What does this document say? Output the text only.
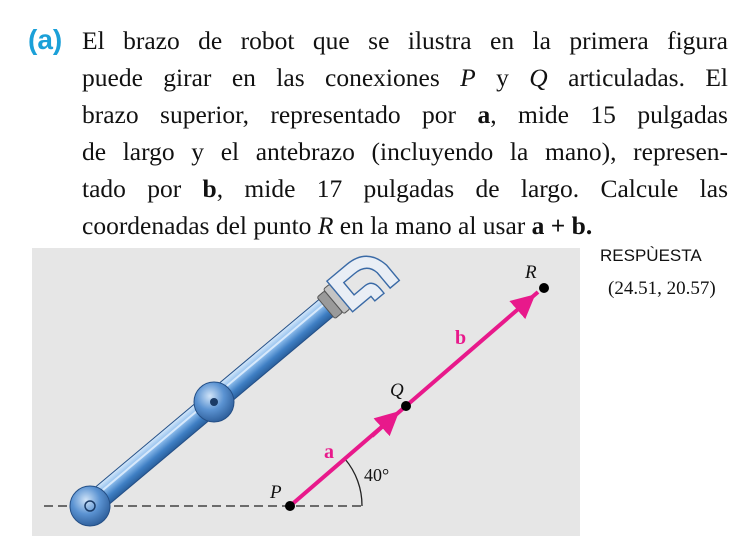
(a) El brazo de robot que se ilustra en la primera figura
puede girar en las conexiones P y Q articuladas. El
brazo superior, representado por a, mide 15 pulgadas
de largo y el antebrazo (incluyendo la mano), represen-
tado por b, mide 17 pulgadas de largo. Calcule las
coordenadas del punto R en la mano al usar a + b.
40°
P
Q
R
a
b
RESPÙESTA
(24.51, 20.57)
